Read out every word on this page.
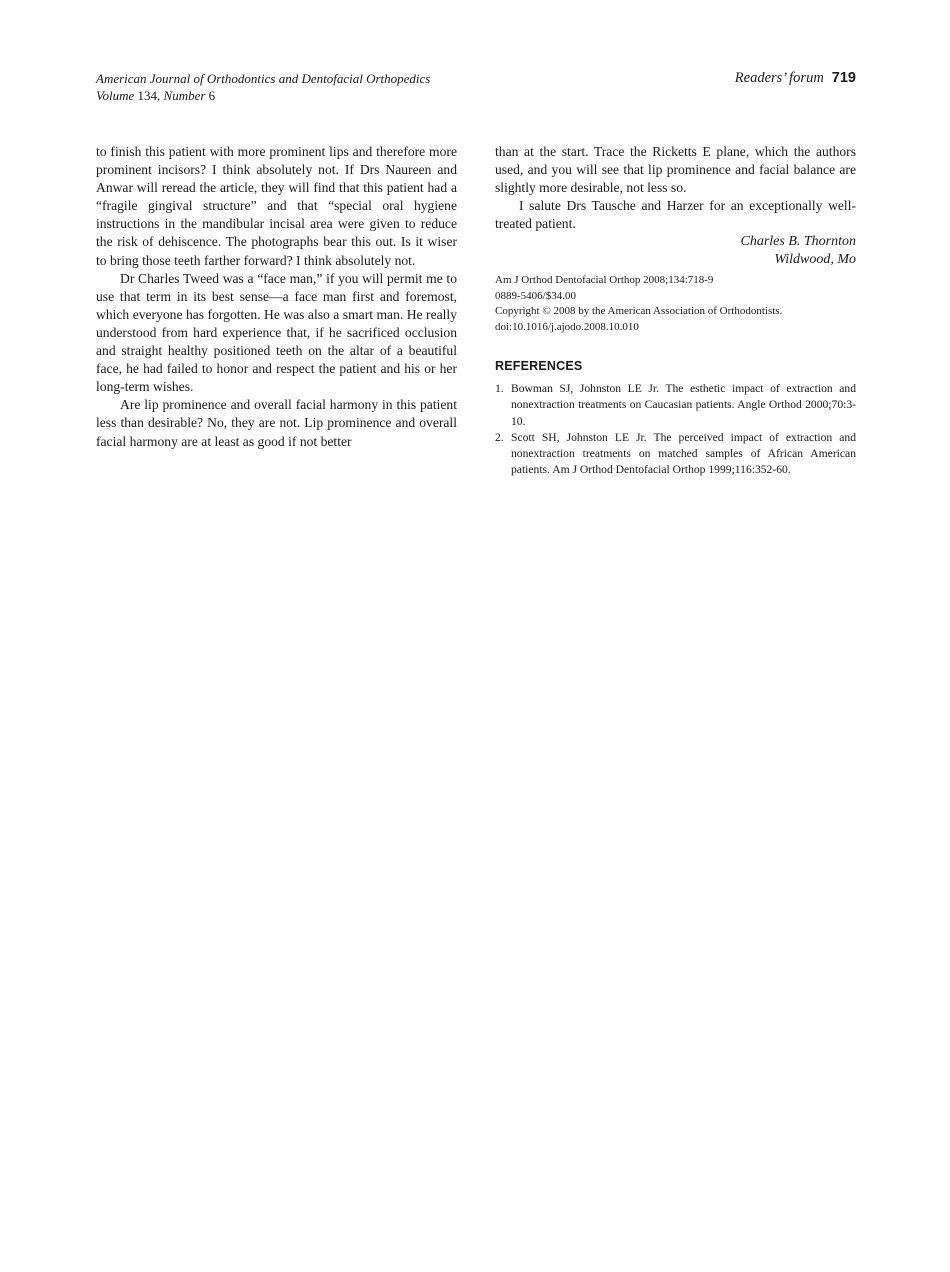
American Journal of Orthodontics and Dentofacial Orthopedics
Volume 134, Number 6
Readers’ forum 719

to finish this patient with more prominent lips and therefore more prominent incisors? I think absolutely not. If Drs Naureen and Anwar will reread the article, they will find that this patient had a “fragile gingival structure” and that “special oral hygiene instructions in the mandibular incisal area were given to reduce the risk of dehiscence. The photographs bear this out. Is it wiser to bring those teeth farther forward? I think absolutely not.

Dr Charles Tweed was a “face man,” if you will permit me to use that term in its best sense—a face man first and foremost, which everyone has forgotten. He was also a smart man. He really understood from hard experience that, if he sacrificed occlusion and straight healthy positioned teeth on the altar of a beautiful face, he had failed to honor and respect the patient and his or her long-term wishes.

Are lip prominence and overall facial harmony in this patient less than desirable? No, they are not. Lip prominence and overall facial harmony are at least as good if not better

than at the start. Trace the Ricketts E plane, which the authors used, and you will see that lip prominence and facial balance are slightly more desirable, not less so.

I salute Drs Tausche and Harzer for an exceptionally well-treated patient.

Charles B. Thornton
Wildwood, Mo
Am J Orthod Dentofacial Orthop 2008;134:718-9
0889-5406/$34.00
Copyright © 2008 by the American Association of Orthodontists.
doi:10.1016/j.ajodo.2008.10.010
REFERENCES
1. Bowman SJ, Johnston LE Jr. The esthetic impact of extraction and nonextraction treatments on Caucasian patients. Angle Orthod 2000;70:3-10.
2. Scott SH, Johnston LE Jr. The perceived impact of extraction and nonextraction treatments on matched samples of African American patients. Am J Orthod Dentofacial Orthop 1999;116:352-60.
